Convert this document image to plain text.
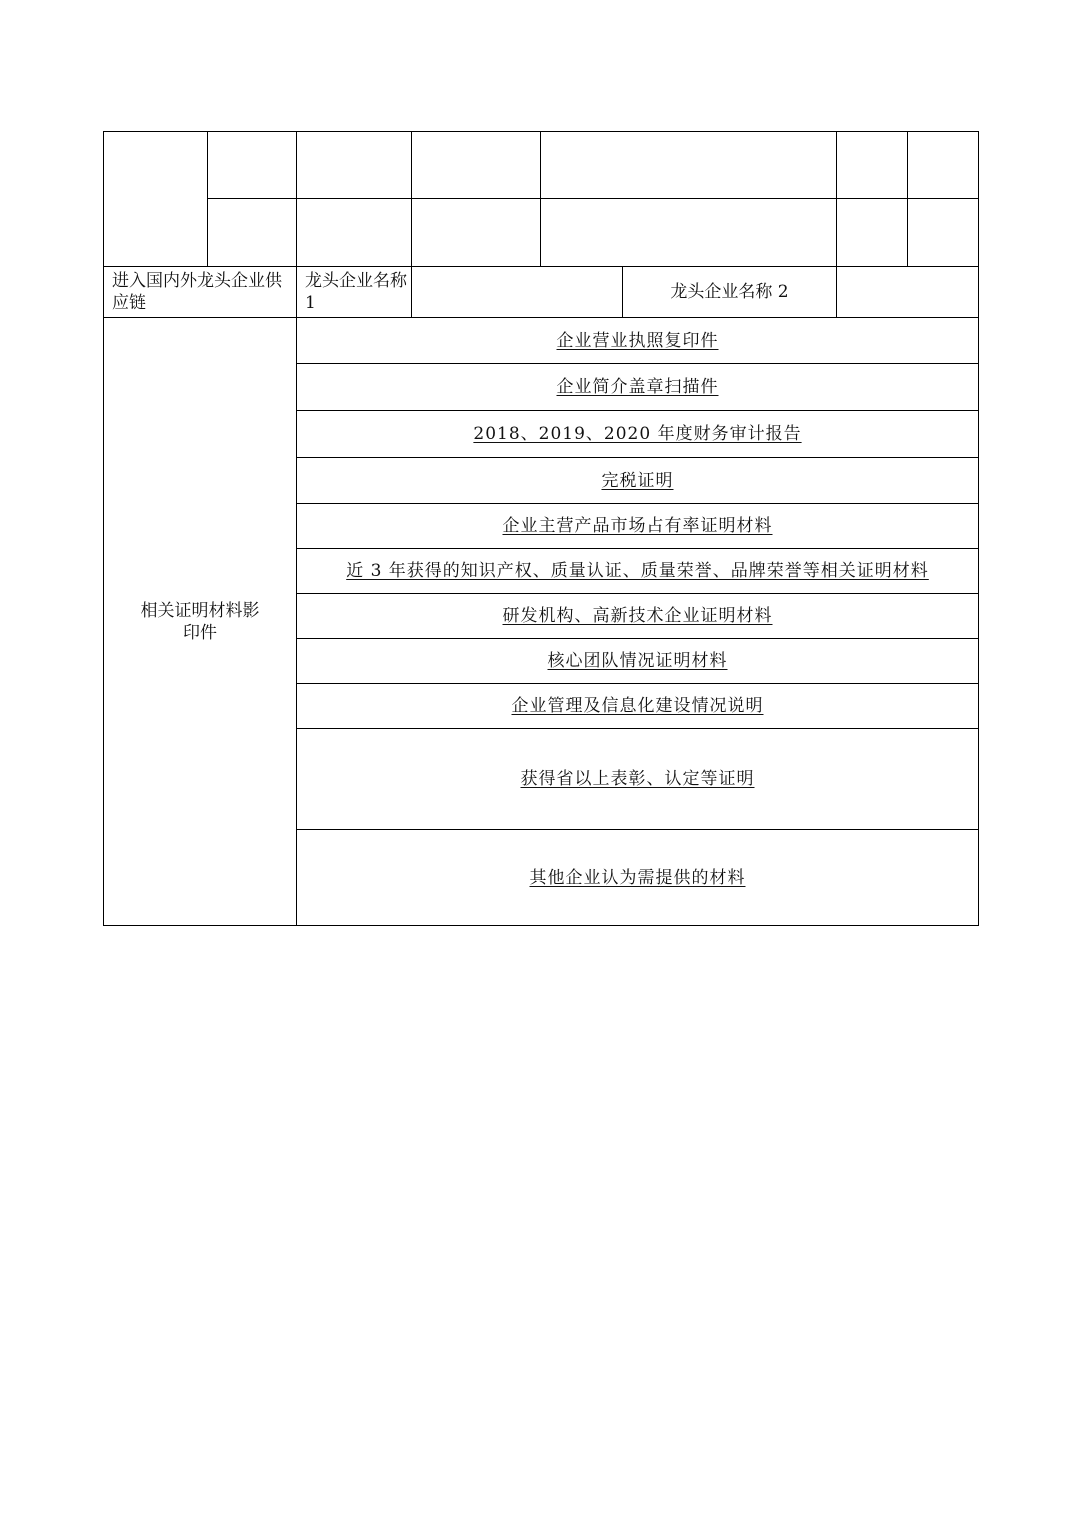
进入国内外龙头企业供应链		龙头企业名称 1			龙头企业名称 2		

相关证明材料影
印件		企业营业执照复印件					
		企业简介盖章扫描件					
		2018、2019、2020 年度财务审计报告					
		完税证明					
		企业主营产品市场占有率证明材料					
		近 3 年获得的知识产权、质量认证、质量荣誉、品牌荣誉等相关证明材料					
		研发机构、高新技术企业证明材料					
		核心团队情况证明材料					
		企业管理及信息化建设情况说明					
		获得省以上表彰、认定等证明					
		其他企业认为需提供的材料					
